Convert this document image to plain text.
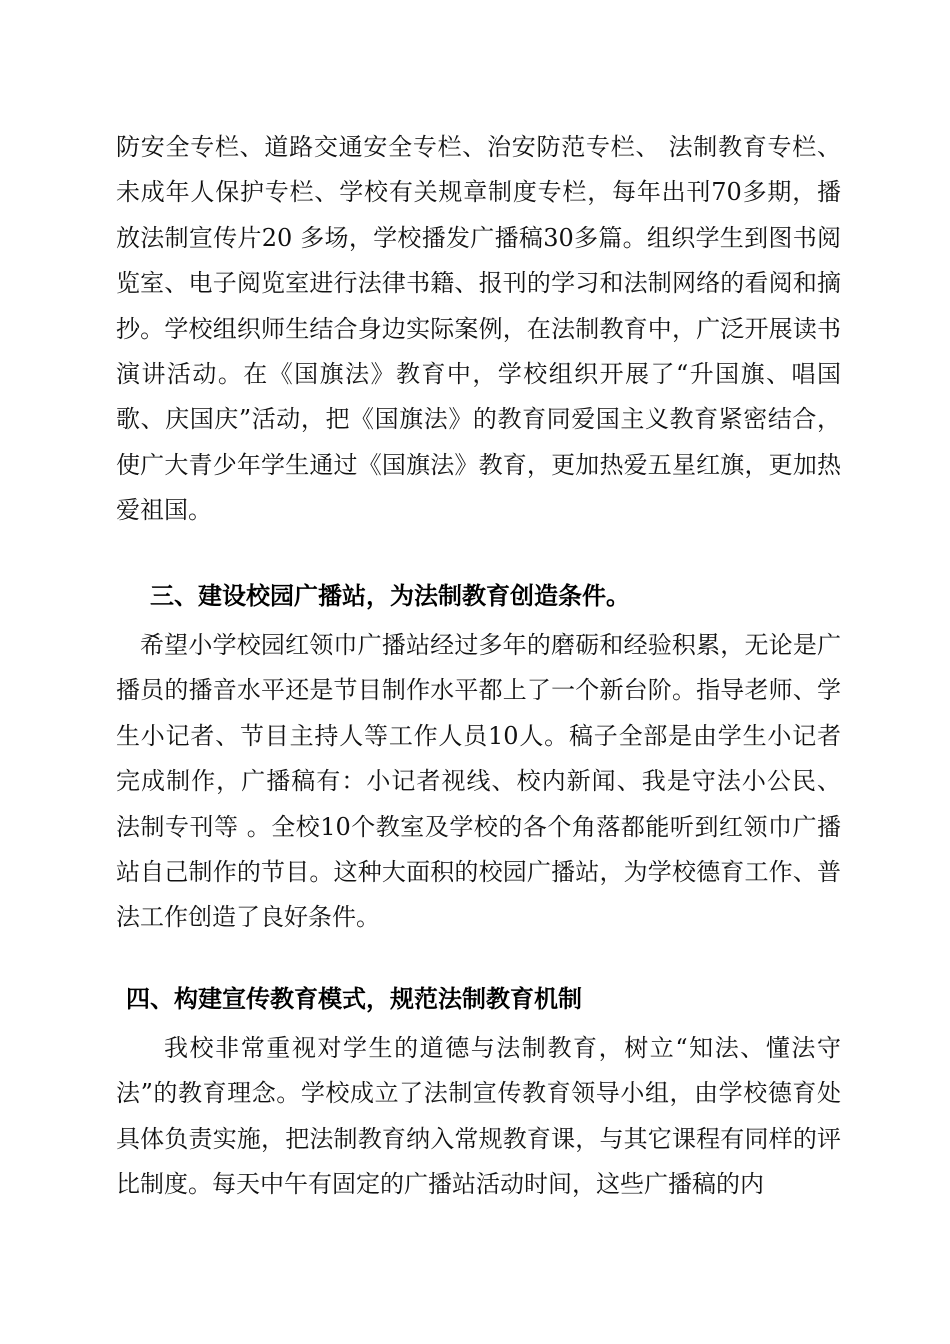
防安全专栏、道路交通安全专栏、治安防范专栏、 法制教育专栏、未成年人保护专栏、学校有关规章制度专栏，每年出刊70多期，播放法制宣传片20 多场，学校播发广播稿30多篇。组织学生到图书阅览室、电子阅览室进行法律书籍、报刊的学习和法制网络的看阅和摘抄。学校组织师生结合身边实际案例，在法制教育中，广泛开展读书演讲活动。在《国旗法》教育中，学校组织开展了“升国旗、唱国歌、庆国庆”活动，把《国旗法》的教育同爱国主义教育紧密结合，使广大青少年学生通过《国旗法》教育，更加热爱五星红旗，更加热爱祖国。

三、建设校园广播站，为法制教育创造条件。

希望小学校园红领巾广播站经过多年的磨砺和经验积累，无论是广播员的播音水平还是节目制作水平都上了一个新台阶。指导老师、学生小记者、节目主持人等工作人员10人。稿子全部是由学生小记者完成制作，广播稿有：小记者视线、校内新闻、我是守法小公民、 法制专刊等 。全校10个教室及学校的各个角落都能听到红领巾广播站自己制作的节目。这种大面积的校园广播站，为学校德育工作、普法工作创造了良好条件。

四、构建宣传教育模式，规范法制教育机制

我校非常重视对学生的道德与法制教育，树立“知法、懂法守法”的教育理念。学校成立了法制宣传教育领导小组，由学校德育处具体负责实施，把法制教育纳入常规教育课，与其它课程有同样的评比制度。每天中午有固定的广播站活动时间，这些广播稿的内
